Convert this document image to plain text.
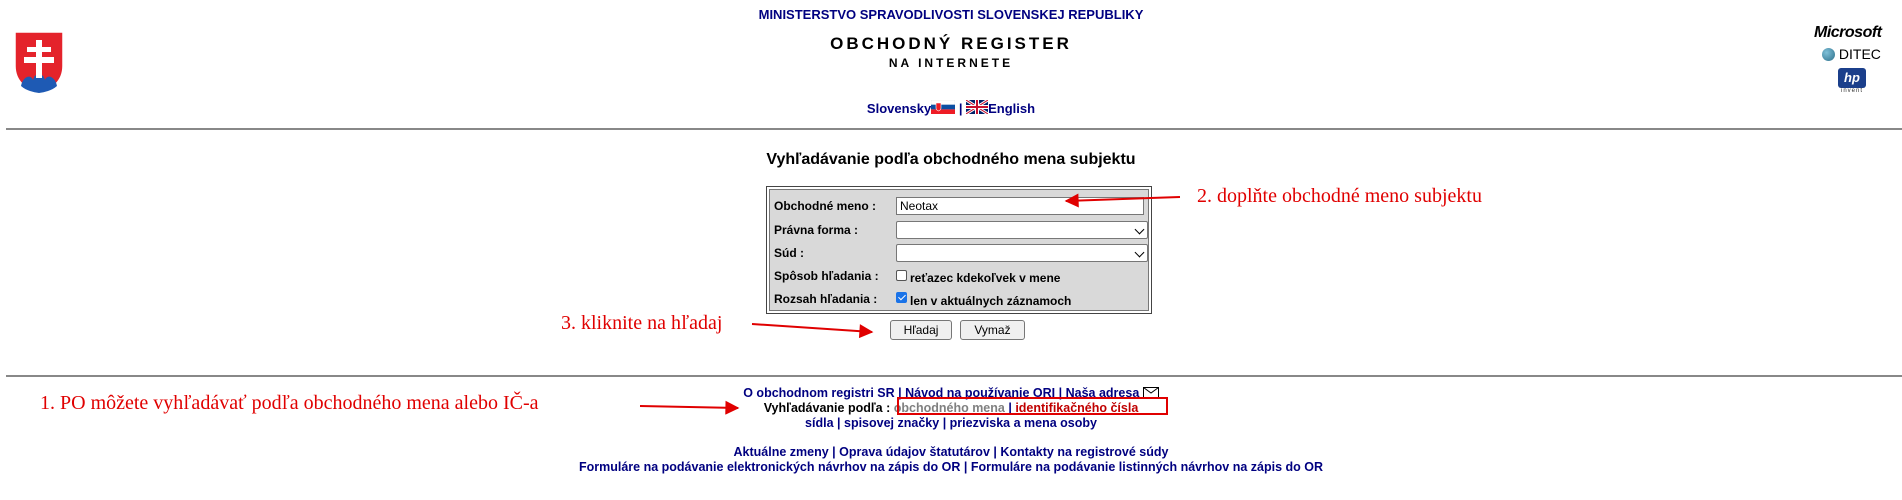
MINISTERSTVO SPRAVODLIVOSTI SLOVENSKEJ REPUBLIKY
OBCHODNÝ REGISTER
NA INTERNETE
Slovensky | English
Microsoft
DITEC
hp
invent
Vyhľadávanie podľa obchodného mena subjektu
Obchodné meno :
Neotax
Právna forma :
Súd :
Spôsob hľadania :	reťazec kdekoľvek v mene
Rozsah hľadania :	len v aktuálnych záznamoch
Hľadaj	Vymaž
O obchodnom registri SR | Návod na používanie ORI | Naša adresa
Vyhľadávanie podľa : obchodného mena | identifikačného čísla
sídla | spisovej značky | priezviska a mena osoby
Aktuálne zmeny | Oprava údajov štatutárov | Kontakty na registrové súdy
Formuláre na podávanie elektronických návrhov na zápis do OR | Formuláre na podávanie listinných návrhov na zápis do OR
2. doplňte obchodné meno subjektu
3. kliknite na hľadaj
1. PO môžete vyhľadávať podľa obchodného mena alebo IČ-a
